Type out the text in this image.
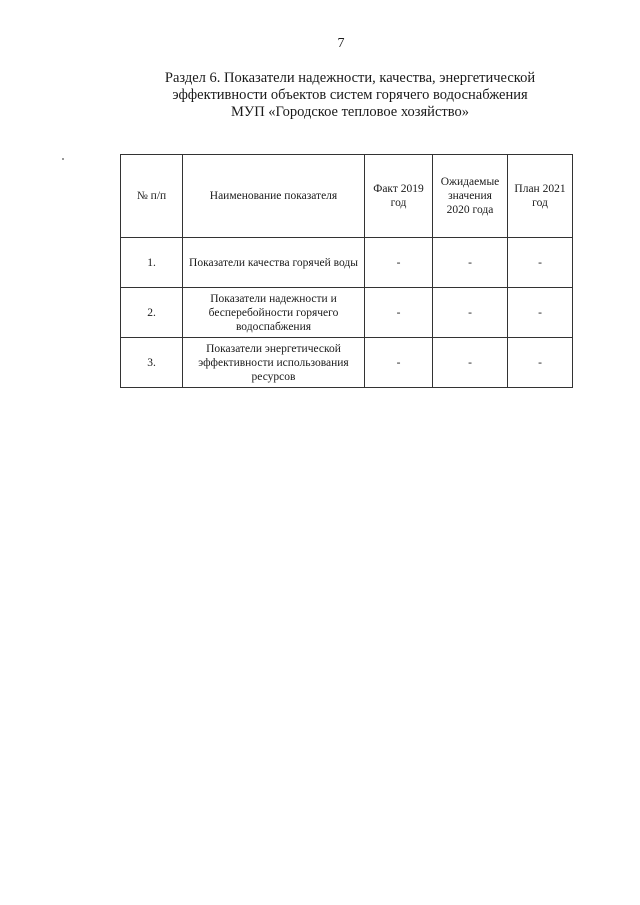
7
Раздел 6. Показатели надежности, качества, энергетической
эффективности объектов систем горячего водоснабжения
МУП «Городское тепловое хозяйство»
№ п/п	Наименование показателя	Факт 2019 год	Ожидаемые значения 2020 года	План 2021 год
1.	Показатели качества горячей воды	-	-	-
2.	Показатели надежности и бесперебойности горячего водоспабжения	-	-	-
3.	Показатели энергетической эффективности использования ресурсов	-	-	-
